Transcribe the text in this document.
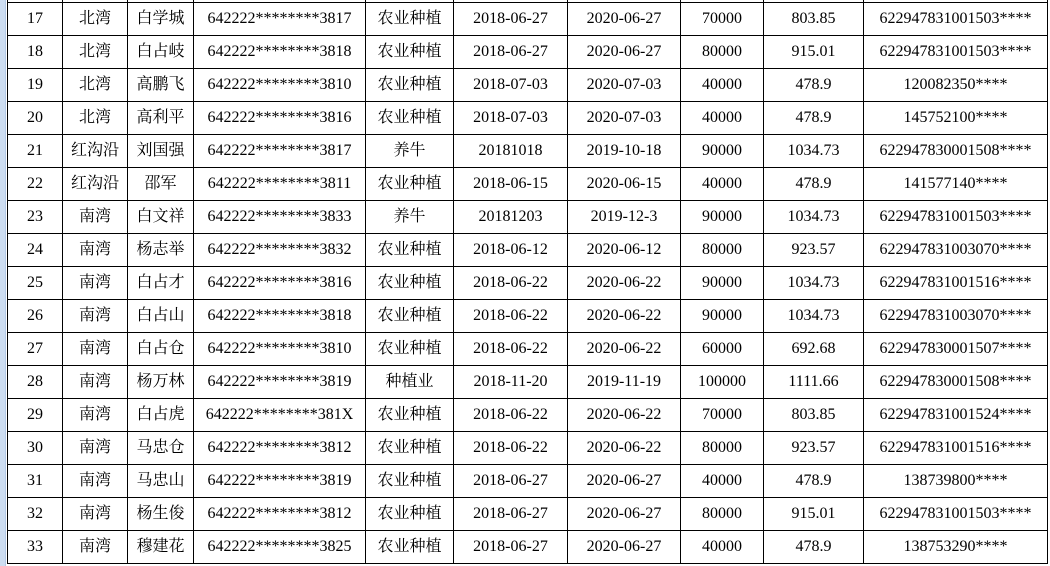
17	北湾	白学城	642222********3817	农业种植	2018-06-27	2020-06-27	70000	803.85	622947831001503****
18	北湾	白占岐	642222********3818	农业种植	2018-06-27	2020-06-27	80000	915.01	622947831001503****
19	北湾	高鹏飞	642222********3810	农业种植	2018-07-03	2020-07-03	40000	478.9	120082350****
20	北湾	高利平	642222********3816	农业种植	2018-07-03	2020-07-03	40000	478.9	145752100****
21	红沟沿	刘国强	642222********3817	养牛	20181018	2019-10-18	90000	1034.73	622947830001508****
22	红沟沿	邵军	642222********3811	农业种植	2018-06-15	2020-06-15	40000	478.9	141577140****
23	南湾	白文祥	642222********3833	养牛	20181203	2019-12-3	90000	1034.73	622947831001503****
24	南湾	杨志举	642222********3832	农业种植	2018-06-12	2020-06-12	80000	923.57	622947831003070****
25	南湾	白占才	642222********3816	农业种植	2018-06-22	2020-06-22	90000	1034.73	622947831001516****
26	南湾	白占山	642222********3818	农业种植	2018-06-22	2020-06-22	90000	1034.73	622947831003070****
27	南湾	白占仓	642222********3810	农业种植	2018-06-22	2020-06-22	60000	692.68	622947830001507****
28	南湾	杨万林	642222********3819	种植业	2018-11-20	2019-11-19	100000	1111.66	622947830001508****
29	南湾	白占虎	642222********381X	农业种植	2018-06-22	2020-06-22	70000	803.85	622947831001524****
30	南湾	马忠仓	642222********3812	农业种植	2018-06-22	2020-06-22	80000	923.57	622947831001516****
31	南湾	马忠山	642222********3819	农业种植	2018-06-27	2020-06-27	40000	478.9	138739800****
32	南湾	杨生俊	642222********3812	农业种植	2018-06-27	2020-06-27	80000	915.01	622947831001503****
33	南湾	穆建花	642222********3825	农业种植	2018-06-27	2020-06-27	40000	478.9	138753290****
